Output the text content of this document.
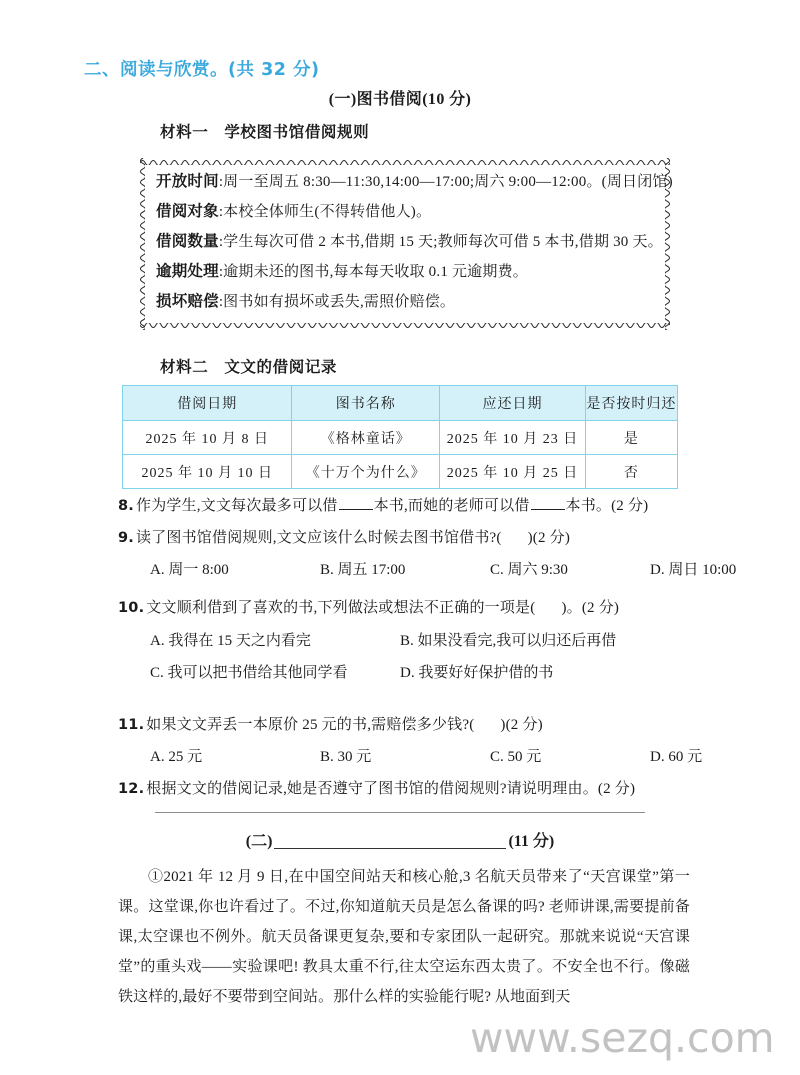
二、阅读与欣赏。(共 32 分)
(一)图书借阅(10 分)
材料一 学校图书馆借阅规则
开放时间:周一至周五 8:30—11:30,14:00—17:00;周六 9:00—12:00。(周日闭馆)
借阅对象:本校全体师生(不得转借他人)。
借阅数量:学生每次可借 2 本书,借期 15 天;教师每次可借 5 本书,借期 30 天。
逾期处理:逾期未还的图书,每本每天收取 0.1 元逾期费。
损坏赔偿:图书如有损坏或丢失,需照价赔偿。
材料二 文文的借阅记录
借阅日期	图书名称	应还日期	是否按时归还
2025 年 10 月 8 日	《格林童话》	2025 年 10 月 23 日	是
2025 年 10 月 10 日	《十万个为什么》	2025 年 10 月 25 日	否
8. 作为学生,文文每次最多可以借 本书,而她的老师可以借 本书。(2 分)
9. 读了图书馆借阅规则,文文应该什么时候去图书馆借书?( )(2 分)
A. 周一 8:00	B. 周五 17:00	C. 周六 9:30	D. 周日 10:00
10. 文文顺利借到了喜欢的书,下列做法或想法不正确的一项是( )。(2 分)
A. 我得在 15 天之内看完	B. 如果没看完,我可以归还后再借
C. 我可以把书借给其他同学看	D. 我要好好保护借的书
11. 如果文文弄丢一本原价 25 元的书,需赔偿多少钱?( )(2 分)
A. 25 元	B. 30 元	C. 50 元	D. 60 元
12. 根据文文的借阅记录,她是否遵守了图书馆的借阅规则?请说明理由。(2 分)
(二)	(11 分)

①2021 年 12 月 9 日,在中国空间站天和核心舱,3 名航天员带来了“天宫课堂”第一课。这堂课,你也许看过了。不过,你知道航天员是怎么备课的吗? 老师讲课,需要提前备课,太空课也不例外。航天员备课更复杂,要和专家团队一起研究。那就来说说“天宫课堂”的重头戏——实验课吧! 教具太重不行,往太空运东西太贵了。不安全也不行。像磁铁这样的,最好不要带到空间站。那什么样的实验能行呢? 从地面到天

www.sezq.com
